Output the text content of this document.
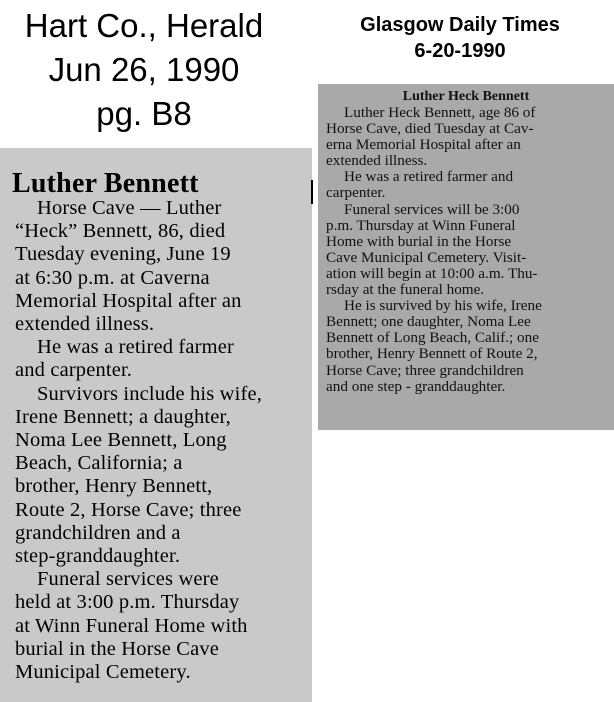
Hart Co., Herald
Jun 26, 1990
pg. B8
Glasgow Daily Times
6-20-1990
Luther Bennett
Horse Cave — Luther
“Heck” Bennett, 86, died
Tuesday evening, June 19
at 6:30 p.m. at Caverna
Memorial Hospital after an
extended illness.
He was a retired farmer
and carpenter.
Survivors include his wife,
Irene Bennett; a daughter,
Noma Lee Bennett, Long
Beach, California; a
brother, Henry Bennett,
Route 2, Horse Cave; three
grandchildren and a
step-granddaughter.
Funeral services were
held at 3:00 p.m. Thursday
at Winn Funeral Home with
burial in the Horse Cave
Municipal Cemetery.
Luther Heck Bennett
Luther Heck Bennett, age 86 of
Horse Cave, died Tuesday at Cav-
erna Memorial Hospital after an
extended illness.
He was a retired farmer and
carpenter.
Funeral services will be 3:00
p.m. Thursday at Winn Funeral
Home with burial in the Horse
Cave Municipal Cemetery. Visit-
ation will begin at 10:00 a.m. Thu-
rsday at the funeral home.
He is survived by his wife, Irene
Bennett; one daughter, Noma Lee
Bennett of Long Beach, Calif.; one
brother, Henry Bennett of Route 2,
Horse Cave; three grandchildren
and one step - granddaughter.
